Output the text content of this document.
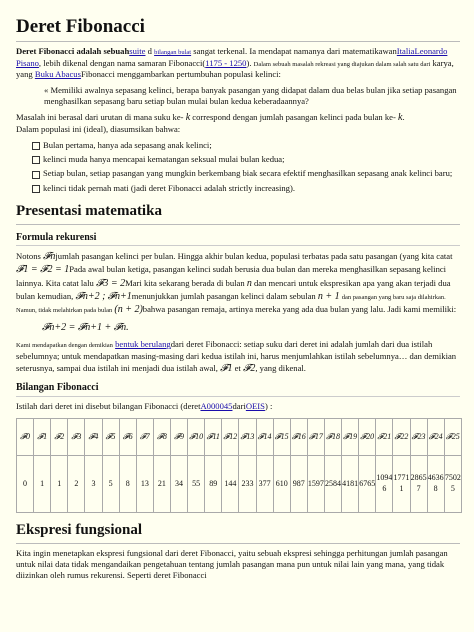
Deret Fibonacci

Deret Fibonacci adalah sebuahsuite d bilangan bulat sangat terkenal. Ia mendapat namanya dari matematikawanItaliaLeonardo Pisano, lebih dikenal dengan nama samaran Fibonacci(1175 - 1250). Dalam sebuah masalah rekreasi yang diajukan dalam salah satu dari karya, yang Buku AbacusFibonacci menggambarkan pertumbuhan populasi kelinci:

« Memiliki awalnya sepasang kelinci, berapa banyak pasangan yang didapat dalam dua belas bulan jika setiap pasangan menghasilkan sepasang baru setiap bulan mulai bulan kedua keberadaannya?

Masalah ini berasal dari urutan di mana suku ke- k correspond dengan jumlah pasangan kelinci pada bulan ke- k.
Dalam populasi ini (ideal), diasumsikan bahwa:

Bulan pertama, hanya ada sepasang anak kelinci;
kelinci muda hanya mencapai kematangan seksual mulai bulan kedua;
Setiap bulan, setiap pasangan yang mungkin berkembang biak secara efektif menghasilkan sepasang anak kelinci baru;
kelinci tidak pernah mati (jadi deret Fibonacci adalah strictly increasing).
Presentasi matematika
Formula rekurensi

Notons 𝓕njumlah pasangan kelinci per bulan. Hingga akhir bulan kedua, populasi terbatas pada satu pasangan (yang kita catat 𝓕1 = 𝓕2 = 1Pada awal bulan ketiga, pasangan kelinci sudah berusia dua bulan dan mereka menghasilkan sepasang kelinci lainnya. Kita catat lalu 𝓕3 = 2Mari kita sekarang berada di bulan n dan mencari untuk ekspresikan apa yang akan terjadi dua bulan kemudian, 𝓕n+2 ; 𝓕n+1menunjukkan jumlah pasangan kelinci dalam sebulan n + 1 dan pasangan yang baru saja dilahirkan. Namun, tidak melahirkan pada bulan (n + 2)bahwa pasangan remaja, artinya mereka yang ada dua bulan yang lalu. Jadi kami memiliki:

𝓕n+2 = 𝓕n+1 + 𝓕n.

Kami mendapatkan dengan demikian bentuk berulangdari deret Fibonacci: setiap suku dari deret ini adalah jumlah dari dua istilah sebelumnya; untuk mendapatkan masing-masing dari kedua istilah ini, harus menjumlahkan istilah sebelumnya… dan demikian seterusnya, sampai dua istilah ini menjadi dua istilah awal, 𝓕1 et 𝓕2, yang dikenal.

Bilangan Fibonacci

Istilah dari deret ini disebut bilangan Fibonacci (deretA000045dariOEIS) :

𝓕0	𝓕1	𝓕2	𝓕3	𝓕4	𝓕5	𝓕6	𝓕7	𝓕8	𝓕9	𝓕10	𝓕11	𝓕12	𝓕13	𝓕14	𝓕15	𝓕16	𝓕17	𝓕18	𝓕19	𝓕20	𝓕21	𝓕22	𝓕23	𝓕24	𝓕25
0	1	1	2	3	5	8	13	21	34	55	89	144	233	377	610	987	1597	2584	4181	6765	10946	17711	28657	46368	75025
Ekspresi fungsional

Kita ingin menetapkan ekspresi fungsional dari deret Fibonacci, yaitu sebuah ekspresi sehingga perhitungan jumlah pasangan untuk nilai data tidak mengandaikan pengetahuan tentang jumlah pasangan mana pun untuk nilai lain yang mana, yang tidak diizinkan oleh rumus rekurensi. Seperti deret Fibonacci
